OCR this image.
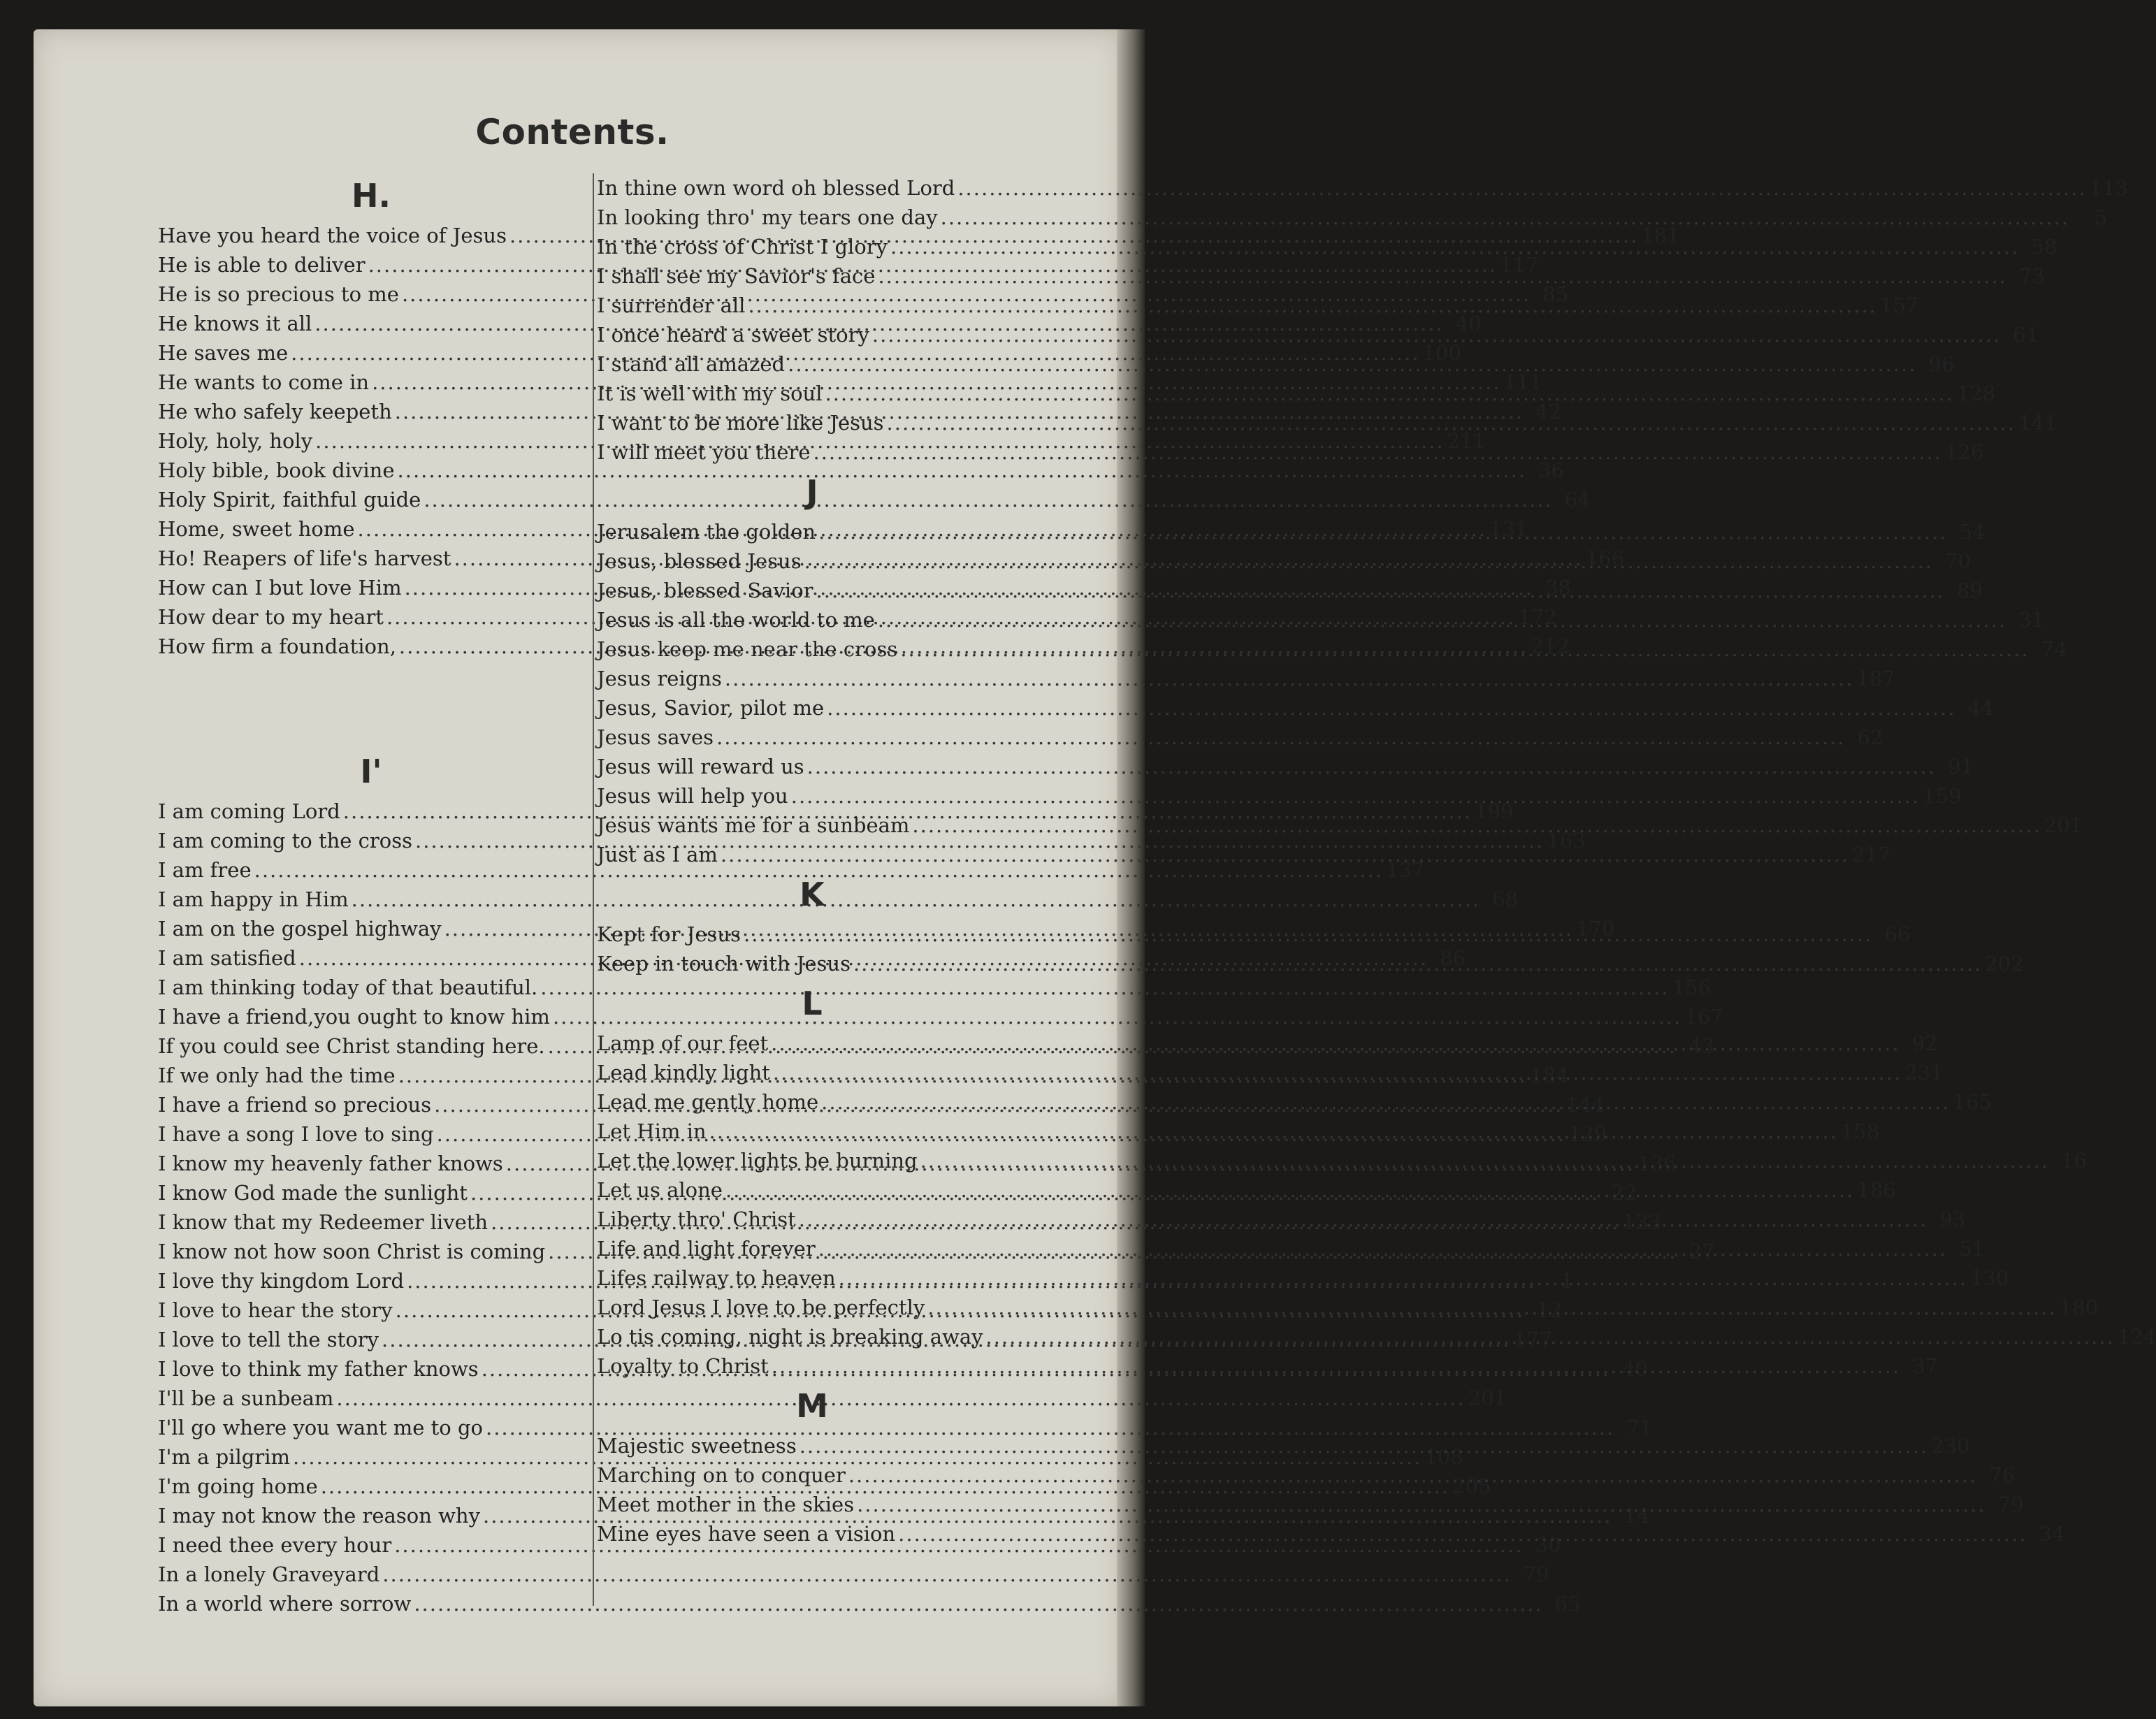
Contents.
H.
Have you heard the voice of Jesus .....	181
He is able to deliver .....	117
He is so precious to me .....	85
He knows it all .....	40
He saves me .....	100
He wants to come in .....	111
He who safely keepeth .....	42
Holy, holy, holy .....	211
Holy bible, book divine .....	36
Holy Spirit, faithful guide .....	64
Home, sweet home .....	131
Ho! Reapers of life's harvest .....	166
How can I but love Him .....	38
How dear to my heart .....	172
How firm a foundation, .....	212
I'
I am coming Lord .....	199
I am coming to the cross .....	163
I am free .....	137
I am happy in Him .....	68
I am on the gospel highway .....	170
I am satisfied .....	86
I am thinking today of that beautiful. .....	156
I have a friend,you ought to know him .....	167
If you could see Christ standing here. .....	43
If we only had the time .....	184
I have a friend so precious .....	144
I have a song I love to sing .....	129
I know my heavenly father knows .....	136
I know God made the sunlight .....	22
I know that my Redeemer liveth .....	133
I know not how soon Christ is coming .....	27
I love thy kingdom Lord .....	1
I love to hear the story .....	12
I love to tell the story .....	177
I love to think my father knows .....	40
I'll be a sunbeam .....	201
I'll go where you want me to go .....	71
I'm a pilgrim .....	108
I'm going home .....	205
I may not know the reason why .....	14
I need thee every hour .....	30
In a lonely Graveyard .....	79
In a world where sorrow .....	65
In thine own word oh blessed Lord .....	113
In looking thro' my tears one day .....	5
In the cross of Christ I glory .....	58
I shall see my Savior's face .....	73
I surrender all .....	157
I once heard a sweet story .....	61
I stand all amazed .....	96
It is well with my soul .....	128
I want to be more like Jesus .....	141
I will meet you there .....	126
J
Jerusalem the golden .....	54
Jesus, blessed Jesus .....	70
Jesus, blessed Savior .....	89
Jesus is all the world to me .....	31
Jesus keep me near the cross .....	74
Jesus reigns .....	187
Jesus, Savior, pilot me .....	44
Jesus saves .....	62
Jesus will reward us .....	91
Jesus will help you .....	159
Jesus wants me for a sunbeam .....	201
Just as I am .....	217
K
Kept for Jesus .....	66
Keep in touch with Jesus .....	202
L
Lamp of our feet .....	92
Lead kindly light .....	231
Lead me gently home .....	165
Let Him in .....	158
Let the lower lights be burning .....	16
Let us alone .....	186
Liberty thro' Christ .....	93
Life and light forever .....	51
Lifes railway to heaven .....	130
Lord Jesus I love to be perfectly .....	180
Lo tis coming, night is breaking away .....	124
Loyalty to Christ .....	37
M
Majestic sweetness .....	230
Marching on to conquer .....	76
Meet mother in the skies .....	79
Mine eyes have seen a vision .....	34
